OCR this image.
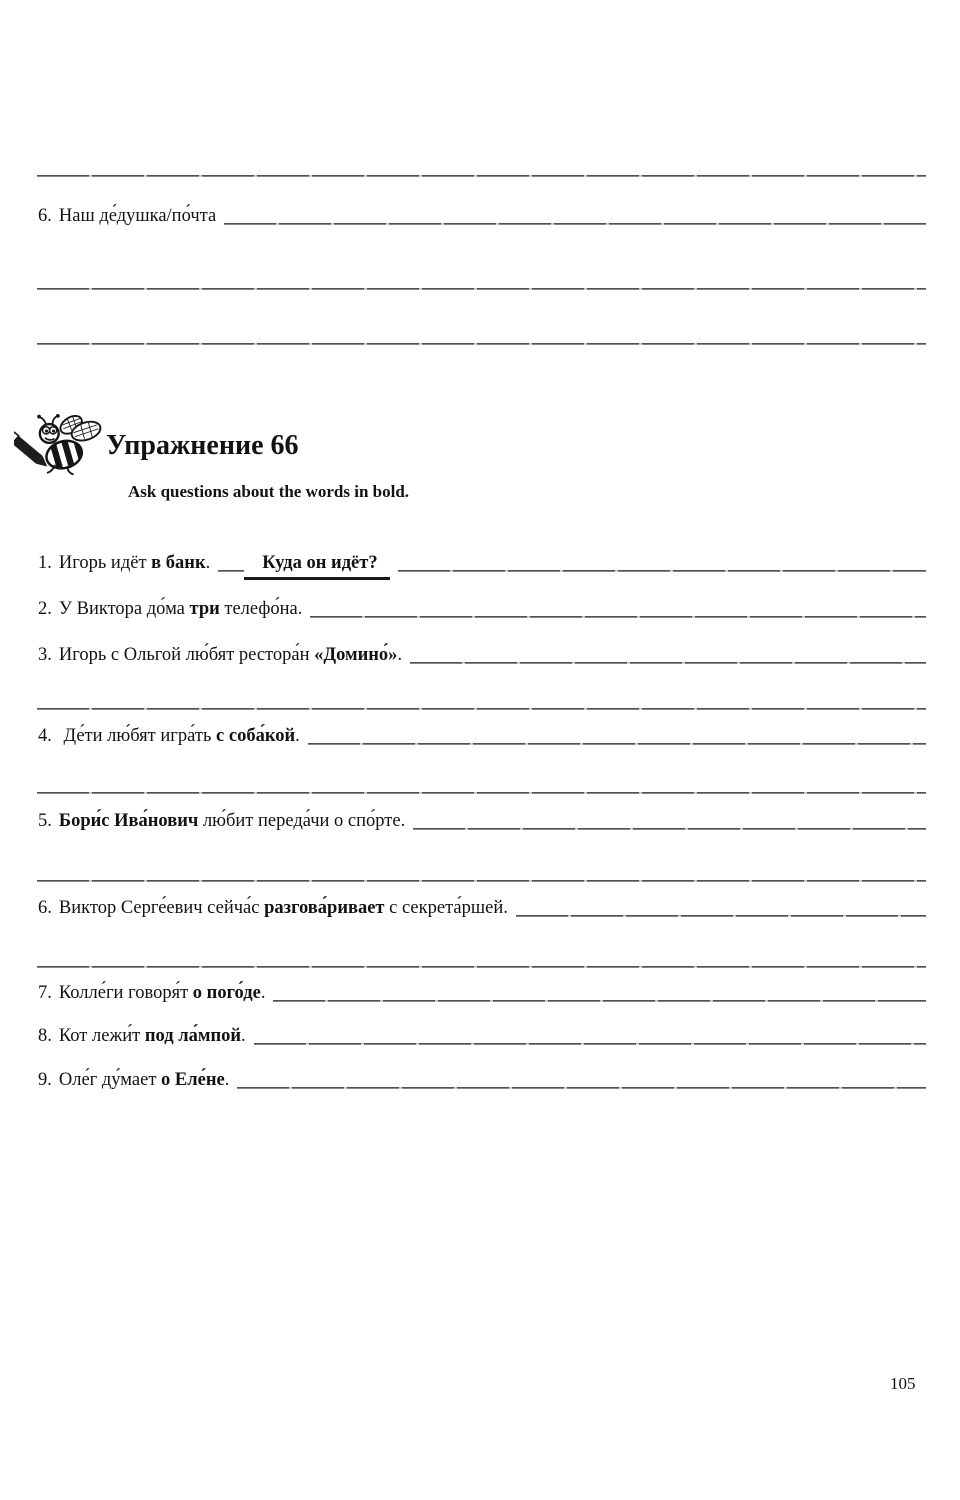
6. Наш де́душка/по́чта
Упражнение 66
Ask questions about the words in bold.
1. Игорь идёт в банк.	Куда он идёт?
2. У Виктора до́ма три телефо́на.
3. Игорь с Ольгой лю́бят рестора́н «Домино́».
4. Де́ти лю́бят игра́ть с соба́кой.
5. Бори́с Ива́нович лю́бит переда́чи о спо́рте.
6. Виктор Серге́евич сейча́с разгова́ривает с секрета́ршей.
7. Колле́ги говоря́т о пого́де.
8. Кот лежи́т под ла́мпой.
9. Оле́г ду́мает о Еле́не.
105
